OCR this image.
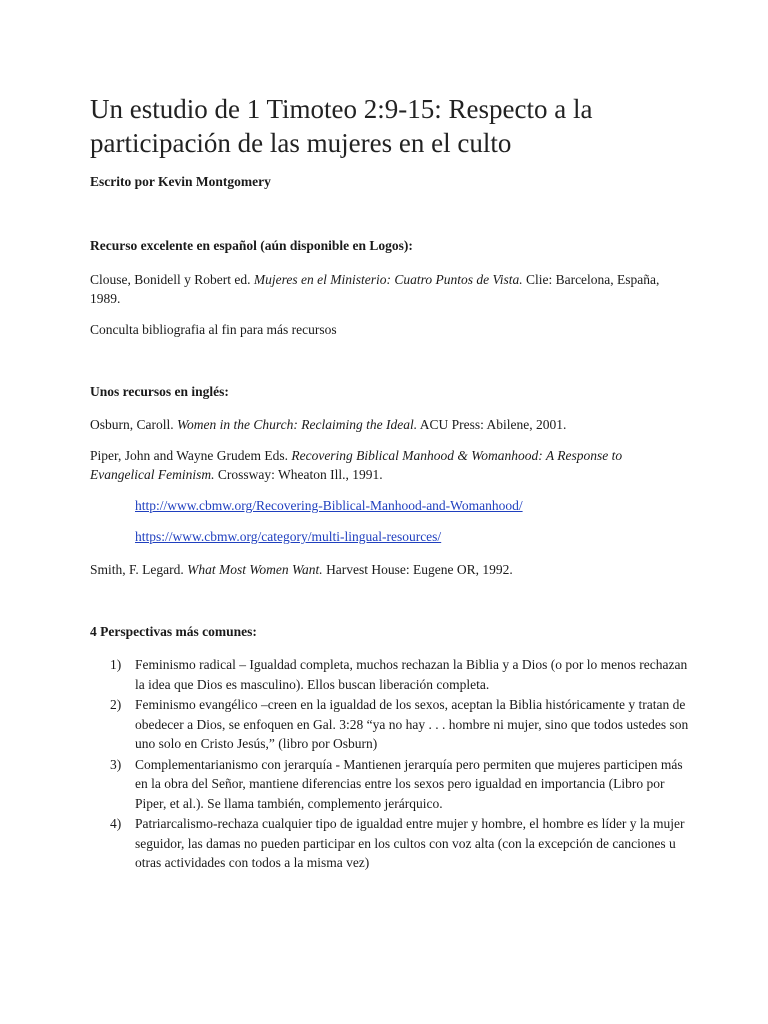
Un estudio de 1 Timoteo 2:9-15: Respecto a la participación de las mujeres en el culto

Escrito por Kevin Montgomery

Recurso excelente en español (aún disponible en Logos):

Clouse, Bonidell y Robert ed. Mujeres en el Ministerio: Cuatro Puntos de Vista. Clie: Barcelona, España, 1989.

Conculta bibliografia al fin para más recursos

Unos recursos en inglés:

Osburn, Caroll. Women in the Church: Reclaiming the Ideal. ACU Press: Abilene, 2001.

Piper, John and Wayne Grudem Eds. Recovering Biblical Manhood & Womanhood: A Response to Evangelical Feminism. Crossway: Wheaton Ill., 1991.

http://www.cbmw.org/Recovering-Biblical-Manhood-and-Womanhood/

https://www.cbmw.org/category/multi-lingual-resources/

Smith, F. Legard. What Most Women Want. Harvest House: Eugene OR, 1992.

4 Perspectivas más comunes:

1) Feminismo radical – Igualdad completa, muchos rechazan la Biblia y a Dios (o por lo menos rechazan la idea que Dios es masculino). Ellos buscan liberación completa.
2) Feminismo evangélico –creen en la igualdad de los sexos, aceptan la Biblia históricamente y tratan de obedecer a Dios, se enfoquen en Gal. 3:28 “ya no hay . . . hombre ni mujer, sino que todos ustedes son uno solo en Cristo Jesús,” (libro por Osburn)
3) Complementarianismo con jerarquía - Mantienen jerarquía pero permiten que mujeres participen más en la obra del Señor, mantiene diferencias entre los sexos pero igualdad en importancia (Libro por Piper, et al.). Se llama también, complemento jerárquico.
4) Patriarcalismo-rechaza cualquier tipo de igualdad entre mujer y hombre, el hombre es líder y la mujer seguidor, las damas no pueden participar en los cultos con voz alta (con la excepción de canciones u otras actividades con todos a la misma vez)
